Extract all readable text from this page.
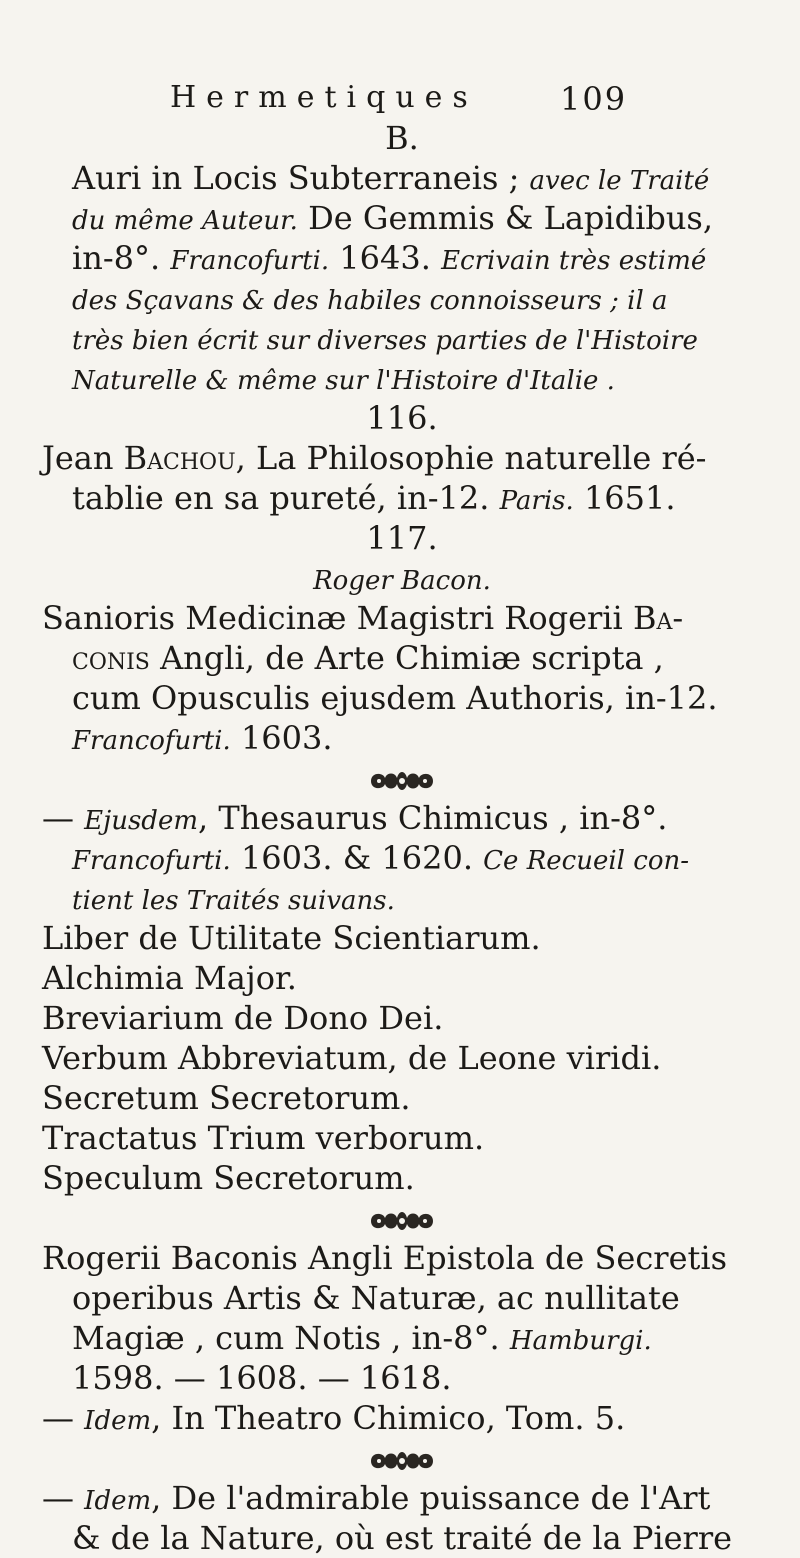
Hermetiques	109
B.
Auri in Locis Subterraneis ; avec le Traité
du même Auteur. De Gemmis & Lapidibus,
in-8°. Francofurti. 1643. Ecrivain très estimé
des Sçavans & des habiles connoisseurs ; il a
très bien écrit sur diverses parties de l'Histoire
Naturelle & même sur l'Histoire d'Italie .
116.
Jean Bachou, La Philosophie naturelle ré-
tablie en sa pureté, in-12. Paris. 1651.
117.
Roger Bacon.
Sanioris Medicinæ Magistri Rogerii Ba-
conis Angli, de Arte Chimiæ scripta ,
cum Opusculis ejusdem Authoris, in-12.
Francofurti. 1603.
— Ejusdem, Thesaurus Chimicus , in-8°.
Francofurti. 1603. & 1620. Ce Recueil con-
tient les Traités suivans.
Liber de Utilitate Scientiarum.
Alchimia Major.
Breviarium de Dono Dei.
Verbum Abbreviatum, de Leone viridi.
Secretum Secretorum.
Tractatus Trium verborum.
Speculum Secretorum.
Rogerii Baconis Angli Epistola de Secretis
operibus Artis & Naturæ, ac nullitate
Magiæ , cum Notis , in-8°. Hamburgi.
1598. — 1608. — 1618.
— Idem, In Theatro Chimico, Tom. 5.
— Idem, De l'admirable puissance de l'Art
& de la Nature, où est traité de la Pierre
